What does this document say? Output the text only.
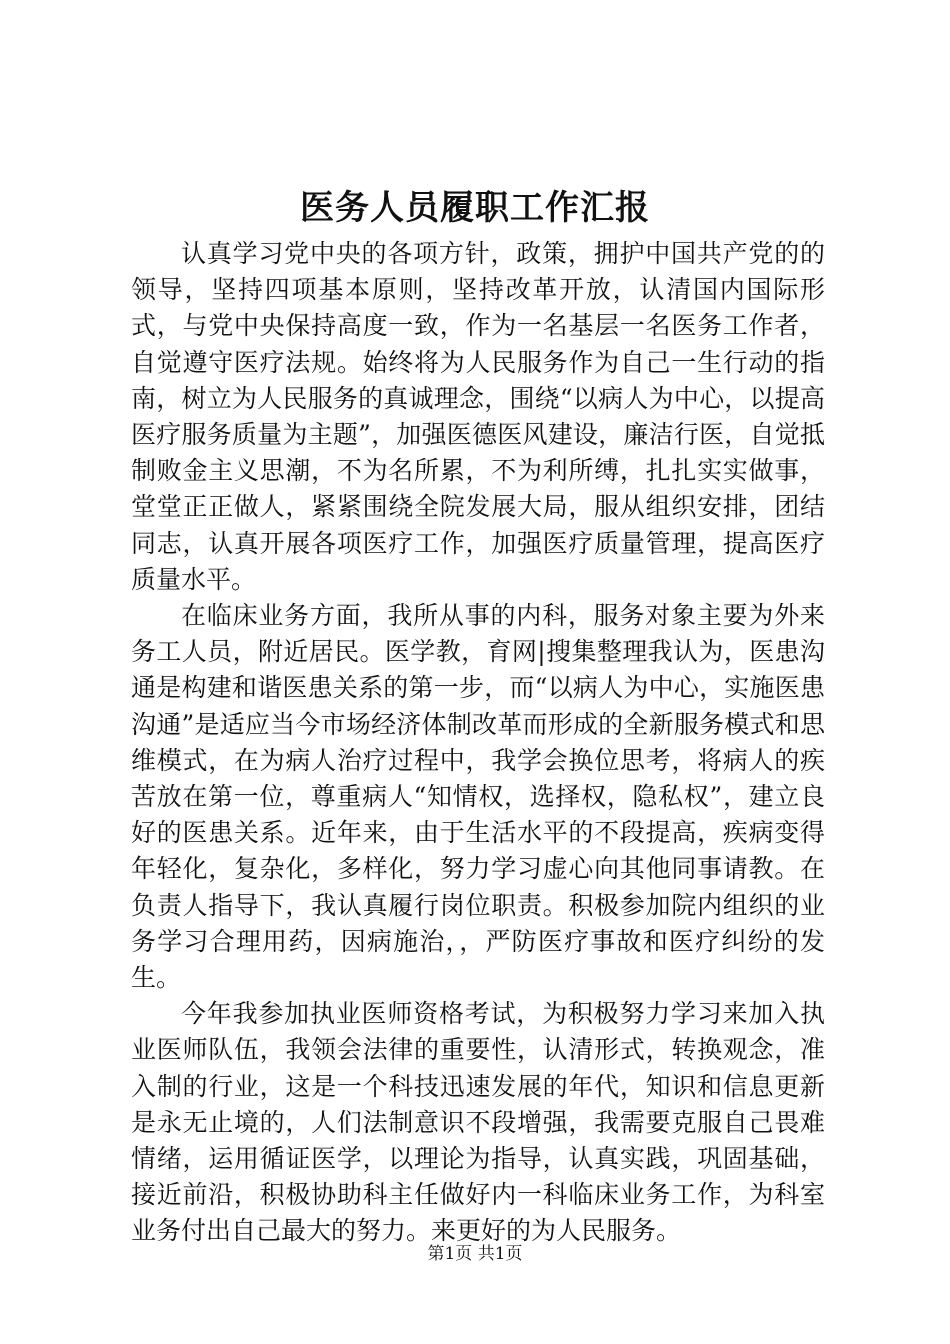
医务人员履职工作汇报

认真学习党中央的各项方针，政策，拥护中国共产党的的领导，坚持四项基本原则，坚持改革开放，认清国内国际形式，与党中央保持高度一致，作为一名基层一名医务工作者，自觉遵守医疗法规。始终将为人民服务作为自己一生行动的指南，树立为人民服务的真诚理念，围绕“以病人为中心，以提高医疗服务质量为主题”，加强医德医风建设，廉洁行医，自觉抵制败金主义思潮，不为名所累，不为利所缚，扎扎实实做事，堂堂正正做人，紧紧围绕全院发展大局，服从组织安排，团结同志，认真开展各项医疗工作，加强医疗质量管理，提高医疗质量水平。

在临床业务方面，我所从事的内科，服务对象主要为外来务工人员，附近居民。医学教，育网|搜集整理我认为，医患沟通是构建和谐医患关系的第一步，而“以病人为中心，实施医患沟通”是适应当今市场经济体制改革而形成的全新服务模式和思维模式，在为病人治疗过程中，我学会换位思考，将病人的疾苦放在第一位，尊重病人“知情权，选择权，隐私权”，建立良好的医患关系。近年来，由于生活水平的不段提高，疾病变得年轻化，复杂化，多样化，努力学习虚心向其他同事请教。在负责人指导下，我认真履行岗位职责。积极参加院内组织的业务学习合理用药，因病施治，，严防医疗事故和医疗纠纷的发生。

今年我参加执业医师资格考试，为积极努力学习来加入执业医师队伍，我领会法律的重要性，认清形式，转换观念，准入制的行业，这是一个科技迅速发展的年代，知识和信息更新是永无止境的，人们法制意识不段增强，我需要克服自己畏难情绪，运用循证医学，以理论为指导，认真实践，巩固基础，接近前沿，积极协助科主任做好内一科临床业务工作，为科室业务付出自己最大的努力。来更好的为人民服务。

第1页 共1页
